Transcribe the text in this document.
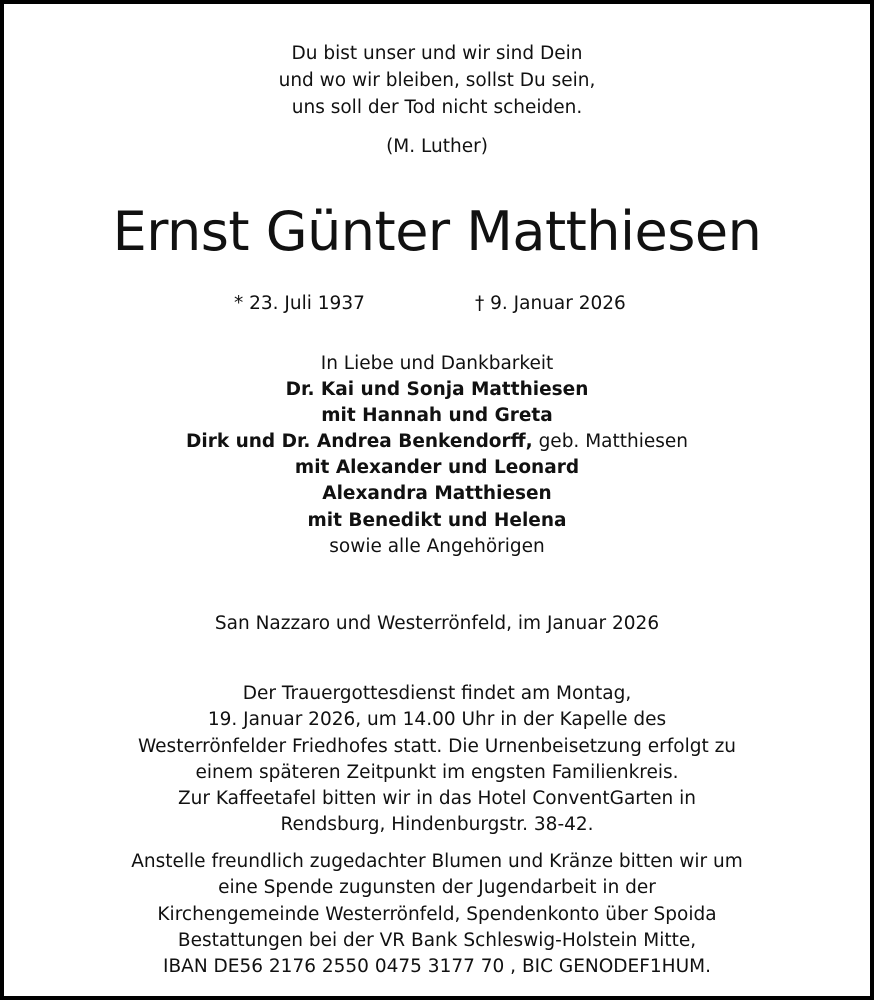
Du bist unser und wir sind Dein
und wo wir bleiben, sollst Du sein,
uns soll der Tod nicht scheiden.
(M. Luther)
Ernst Günter Matthiesen
* 23. Juli 1937	† 9. Januar 2026
In Liebe und Dankbarkeit
Dr. Kai und Sonja Matthiesen
mit Hannah und Greta
Dirk und Dr. Andrea Benkendorff, geb. Matthiesen
mit Alexander und Leonard
Alexandra Matthiesen
mit Benedikt und Helena
sowie alle Angehörigen
San Nazzaro und Westerrönfeld, im Januar 2026
Der Trauergottesdienst findet am Montag,
19. Januar 2026, um 14.00 Uhr in der Kapelle des
Westerrönfelder Friedhofes statt. Die Urnenbeisetzung erfolgt zu
einem späteren Zeitpunkt im engsten Familienkreis.
Zur Kaffeetafel bitten wir in das Hotel ConventGarten in
Rendsburg, Hindenburgstr. 38-42.
Anstelle freundlich zugedachter Blumen und Kränze bitten wir um
eine Spende zugunsten der Jugendarbeit in der
Kirchengemeinde Westerrönfeld, Spendenkonto über Spoida
Bestattungen bei der VR Bank Schleswig-Holstein Mitte,
IBAN DE56 2176 2550 0475 3177 70 , BIC GENODEF1HUM.
